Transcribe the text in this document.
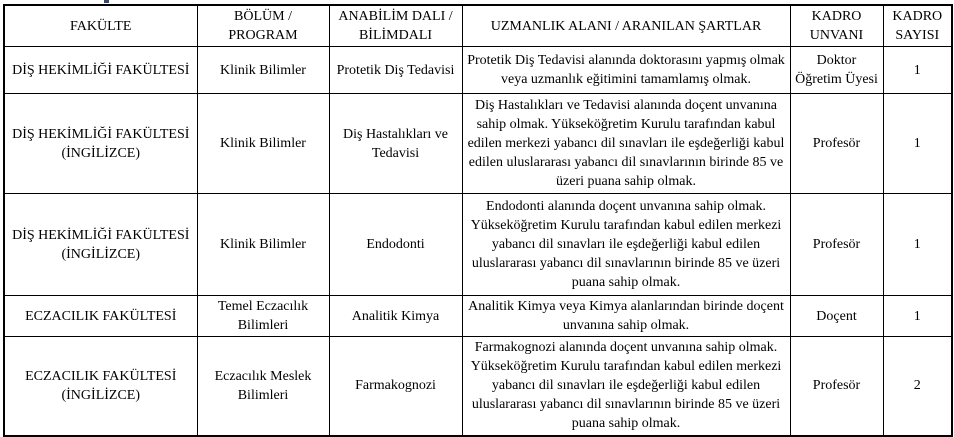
FAKÜLTE	BÖLÜM / PROGRAM	ANABİLİM DALI / BİLİMDALI	UZMANLIK ALANI / ARANILAN ŞARTLAR	KADRO UNVANI	KADRO SAYISI

DİŞ HEKİMLİĞİ FAKÜLTESİ	Klinik Bilimler	Protetik Diş Tedavisi	Protetik Diş Tedavisi alanında doktorasını yapmış olmak veya uzmanlık eğitimini tamamlamış olmak.	Doktor Öğretim Üyesi	1

DİŞ HEKİMLİĞİ FAKÜLTESİ
(İNGİLİZCE)	Klinik Bilimler	Diş Hastalıkları ve Tedavisi	Diş Hastalıkları ve Tedavisi alanında doçent unvanına sahip olmak. Yükseköğretim Kurulu tarafından kabul edilen merkezi yabancı dil sınavları ile eşdeğerliği kabul edilen uluslararası yabancı dil sınavlarının birinde 85 ve üzeri puana sahip olmak.	Profesör	1

DİŞ HEKİMLİĞİ FAKÜLTESİ
(İNGİLİZCE)	Klinik Bilimler	Endodonti	Endodonti alanında doçent unvanına sahip olmak. Yükseköğretim Kurulu tarafından kabul edilen merkezi yabancı dil sınavları ile eşdeğerliği kabul edilen uluslararası yabancı dil sınavlarının birinde 85 ve üzeri puana sahip olmak.	Profesör	1

ECZACILIK FAKÜLTESİ	Temel Eczacılık Bilimleri	Analitik Kimya	Analitik Kimya veya Kimya alanlarından birinde doçent unvanına sahip olmak.	Doçent	1

ECZACILIK FAKÜLTESİ
(İNGİLİZCE)	Eczacılık Meslek Bilimleri	Farmakognozi	Farmakognozi alanında doçent unvanına sahip olmak. Yükseköğretim Kurulu tarafından kabul edilen merkezi yabancı dil sınavları ile eşdeğerliği kabul edilen uluslararası yabancı dil sınavlarının birinde 85 ve üzeri puana sahip olmak.	Profesör	2
